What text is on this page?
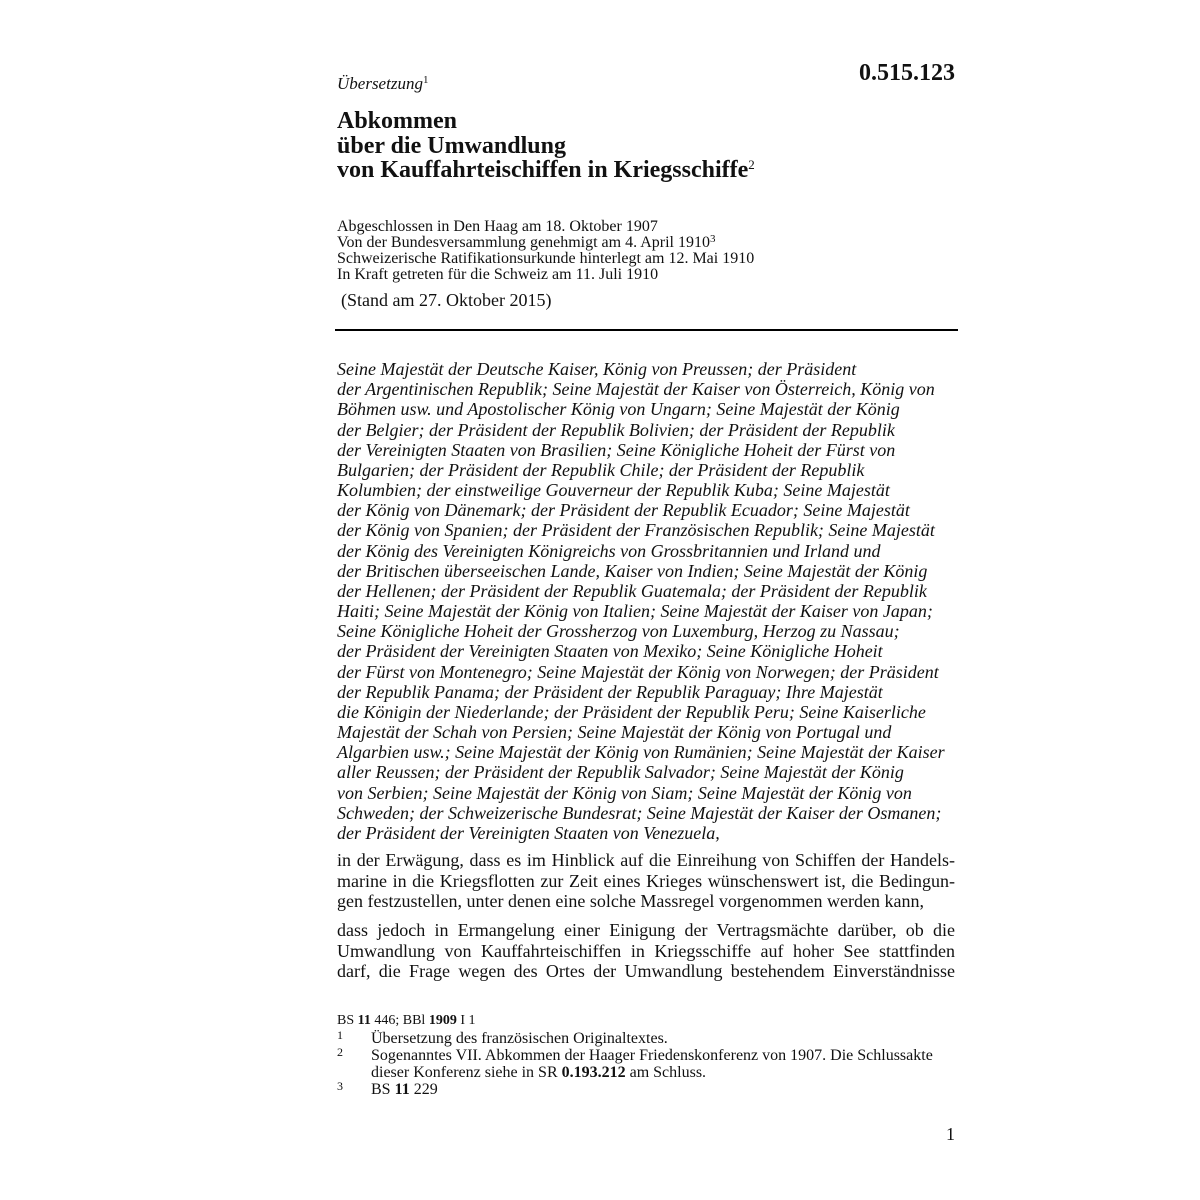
Übersetzung$^1$	0.515.123
Abkommen
über die Umwandlung
von Kauffahrteischiffen in Kriegsschiffe$^2$
Abgeschlossen in Den Haag am 18. Oktober 1907
Von der Bundesversammlung genehmigt am 4. April 1910$^3$
Schweizerische Ratifikationsurkunde hinterlegt am 12. Mai 1910
In Kraft getreten für die Schweiz am 11. Juli 1910
(Stand am 27. Oktober 2015)
Seine Majestät der Deutsche Kaiser, König von Preussen; der Präsident
der Argentinischen Republik; Seine Majestät der Kaiser von Österreich, König von
Böhmen usw. und Apostolischer König von Ungarn; Seine Majestät der König
der Belgier; der Präsident der Republik Bolivien; der Präsident der Republik
der Vereinigten Staaten von Brasilien; Seine Königliche Hoheit der Fürst von
Bulgarien; der Präsident der Republik Chile; der Präsident der Republik
Kolumbien; der einstweilige Gouverneur der Republik Kuba; Seine Majestät
der König von Dänemark; der Präsident der Republik Ecuador; Seine Majestät
der König von Spanien; der Präsident der Französischen Republik; Seine Majestät
der König des Vereinigten Königreichs von Grossbritannien und Irland und
der Britischen überseeischen Lande, Kaiser von Indien; Seine Majestät der König
der Hellenen; der Präsident der Republik Guatemala; der Präsident der Republik
Haiti; Seine Majestät der König von Italien; Seine Majestät der Kaiser von Japan;
Seine Königliche Hoheit der Grossherzog von Luxemburg, Herzog zu Nassau;
der Präsident der Vereinigten Staaten von Mexiko; Seine Königliche Hoheit
der Fürst von Montenegro; Seine Majestät der König von Norwegen; der Präsident
der Republik Panama; der Präsident der Republik Paraguay; Ihre Majestät
die Königin der Niederlande; der Präsident der Republik Peru; Seine Kaiserliche
Majestät der Schah von Persien; Seine Majestät der König von Portugal und
Algarbien usw.; Seine Majestät der König von Rumänien; Seine Majestät der Kaiser
aller Reussen; der Präsident der Republik Salvador; Seine Majestät der König
von Serbien; Seine Majestät der König von Siam; Seine Majestät der König von
Schweden; der Schweizerische Bundesrat; Seine Majestät der Kaiser der Osmanen;
der Präsident der Vereinigten Staaten von Venezuela,
in der Erwägung, dass es im Hinblick auf die Einreihung von Schiffen der Handels-
marine in die Kriegsflotten zur Zeit eines Krieges wünschenswert ist, die Bedingun-
gen festzustellen, unter denen eine solche Massregel vorgenommen werden kann,
dass jedoch in Ermangelung einer Einigung der Vertragsmächte darüber, ob die
Umwandlung von Kauffahrteischiffen in Kriegsschiffe auf hoher See stattfinden
darf, die Frage wegen des Ortes der Umwandlung bestehendem Einverständnisse
BS 11 446; BBl 1909 I 1
1 Übersetzung des französischen Originaltextes.
2 Sogenanntes VII. Abkommen der Haager Friedenskonferenz von 1907. Die Schlussakte
dieser Konferenz siehe in SR 0.193.212 am Schluss.
3 BS 11 229
1
